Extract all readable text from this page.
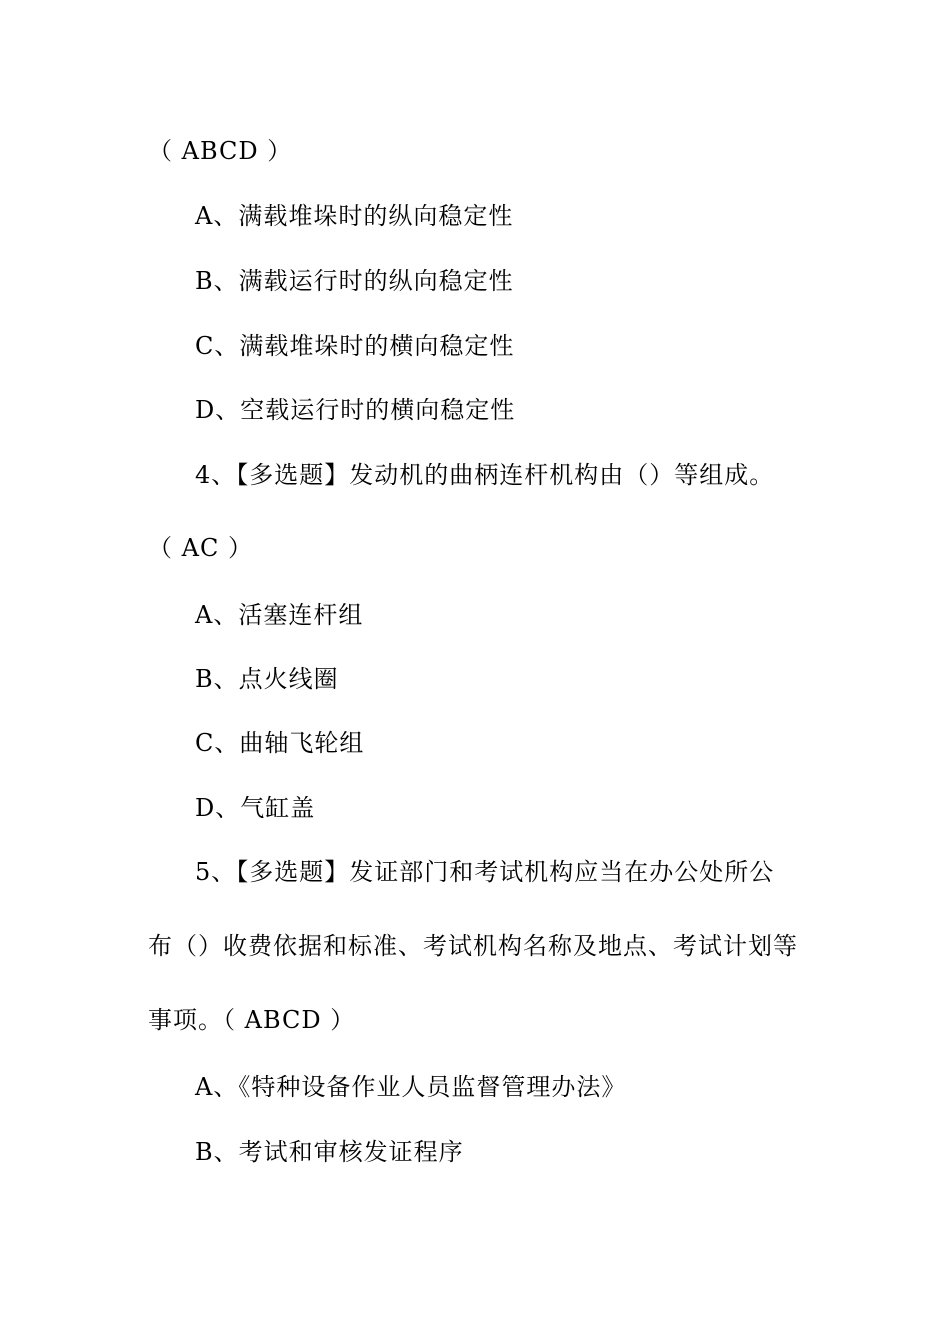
（ ABCD ）
A、满载堆垛时的纵向稳定性
B、满载运行时的纵向稳定性
C、满载堆垛时的横向稳定性
D、空载运行时的横向稳定性
4、【多选题】发动机的曲柄连杆机构由（）等组成。
（ AC ）
A、活塞连杆组
B、点火线圈
C、曲轴飞轮组
D、气缸盖
5、【多选题】发证部门和考试机构应当在办公处所公
布（）收费依据和标准、考试机构名称及地点、考试计划等
事项。（ ABCD ）
A、《特种设备作业人员监督管理办法》
B、考试和审核发证程序
